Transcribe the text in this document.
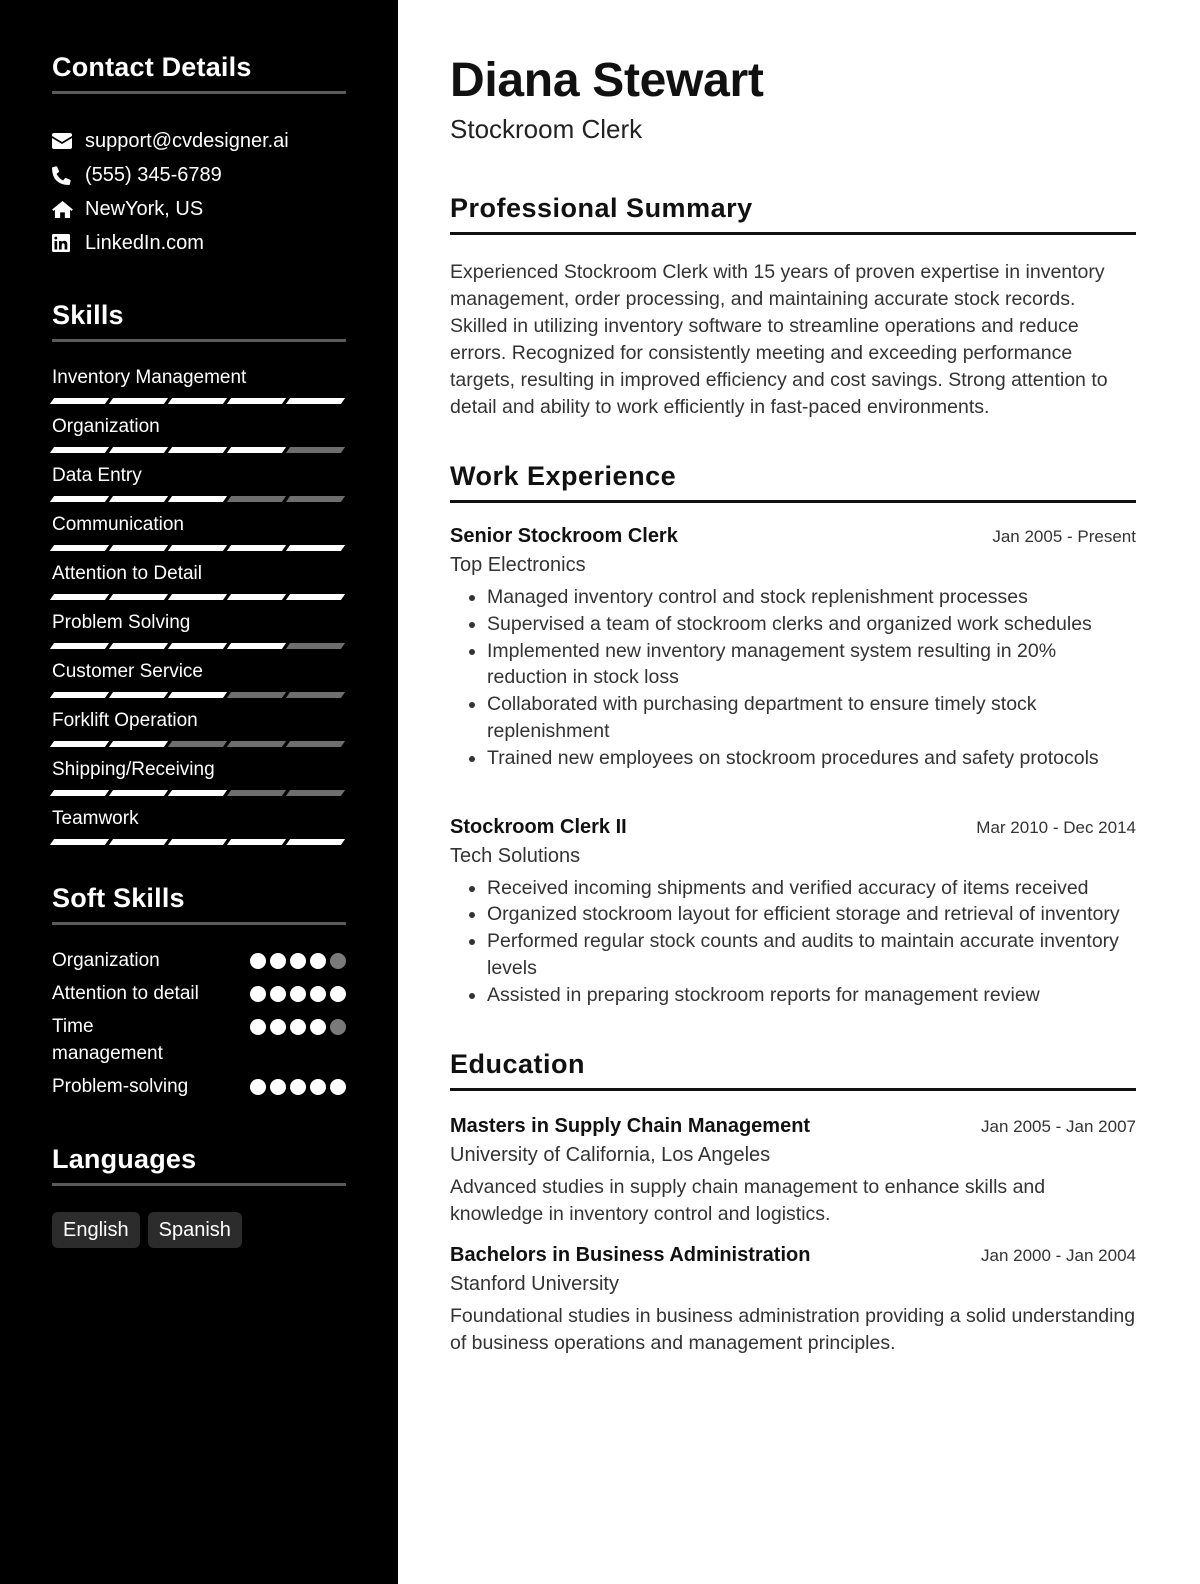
Contact Details
support@cvdesigner.ai
(555) 345-6789
NewYork, US
LinkedIn.com
Skills
Inventory Management
Organization
Data Entry
Communication
Attention to Detail
Problem Solving
Customer Service
Forklift Operation
Shipping/Receiving
Teamwork
Soft Skills
Organization
Attention to detail
Time management
Problem-solving
Languages
English	Spanish
Diana Stewart
Stockroom Clerk
Professional Summary

Experienced Stockroom Clerk with 15 years of proven expertise in inventory management, order processing, and maintaining accurate stock records. Skilled in utilizing inventory software to streamline operations and reduce errors. Recognized for consistently meeting and exceeding performance targets, resulting in improved efficiency and cost savings. Strong attention to detail and ability to work efficiently in fast-paced environments.

Work Experience
Senior Stockroom Clerk	Jan 2005 - Present
Top Electronics
• Managed inventory control and stock replenishment processes
• Supervised a team of stockroom clerks and organized work schedules
• Implemented new inventory management system resulting in 20% reduction in stock loss
• Collaborated with purchasing department to ensure timely stock replenishment
• Trained new employees on stockroom procedures and safety protocols
Stockroom Clerk II	Mar 2010 - Dec 2014
Tech Solutions
• Received incoming shipments and verified accuracy of items received
• Organized stockroom layout for efficient storage and retrieval of inventory
• Performed regular stock counts and audits to maintain accurate inventory levels
• Assisted in preparing stockroom reports for management review
Education
Masters in Supply Chain Management	Jan 2005 - Jan 2007
University of California, Los Angeles

Advanced studies in supply chain management to enhance skills and knowledge in inventory control and logistics.

Bachelors in Business Administration	Jan 2000 - Jan 2004
Stanford University

Foundational studies in business administration providing a solid understanding of business operations and management principles.
